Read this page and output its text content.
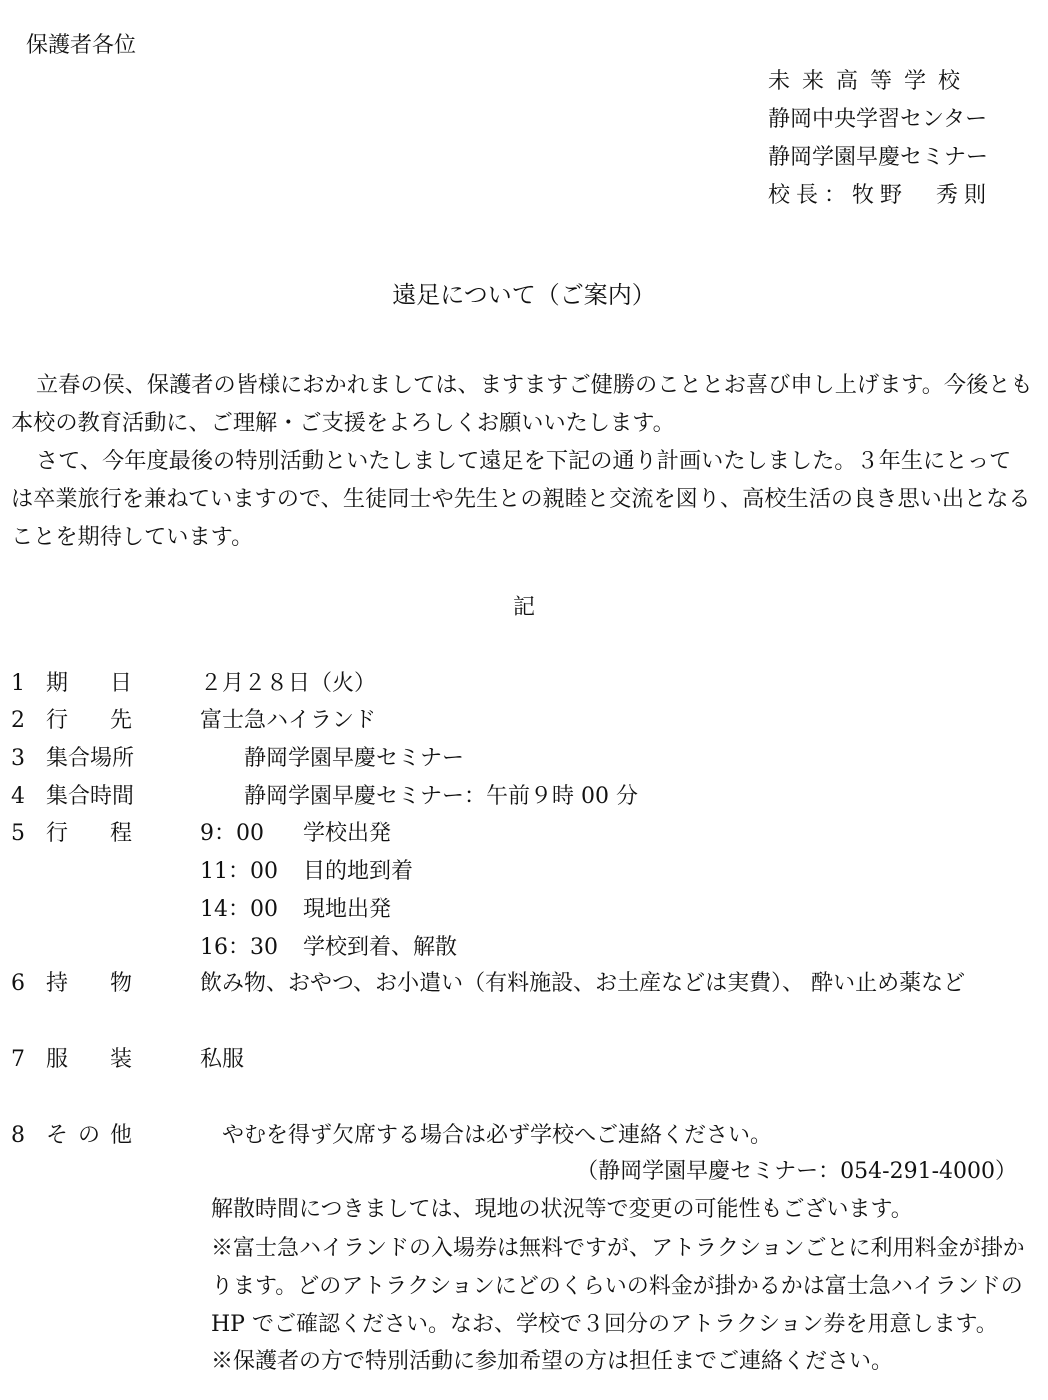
保護者各位
未来高等学校
静岡中央学習センター
静岡学園早慶セミナー
校長：牧野　秀則
遠足について（ご案内）
立春の侯、保護者の皆様におかれましては、ますますご健勝のこととお喜び申し上げます。今後とも本校の教育活動に、ご理解・ご支援をよろしくお願いいたします。
さて、今年度最後の特別活動といたしまして遠足を下記の通り計画いたしました。３年生にとっては卒業旅行を兼ねていますので、生徒同士や先生との親睦と交流を図り、高校生活の良き思い出となることを期待しています。
記
1 期日 ２月２８日（火）
2 行先 富士急ハイランド
3 集合場所	静岡学園早慶セミナー
4 集合時間	静岡学園早慶セミナー：午前９時 00 分
5 行程 9：00	学校出発
11：00	目的地到着
14：00	現地出発
16：30	学校到着、解散
6 持物 飲み物、おやつ、お小遣い（有料施設、お土産などは実費）、 酔い止め薬など
7 服装 私服
8 その他	やむを得ず欠席する場合は必ず学校へご連絡ください。
（静岡学園早慶セミナー：054-291-4000）
解散時間につきましては、現地の状況等で変更の可能性もございます。
※富士急ハイランドの入場券は無料ですが、アトラクションごとに利用料金が掛かります。どのアトラクションにどのくらいの料金が掛かるかは富士急ハイランドのHP でご確認ください。なお、学校で３回分のアトラクション券を用意します。
※保護者の方で特別活動に参加希望の方は担任までご連絡ください。
